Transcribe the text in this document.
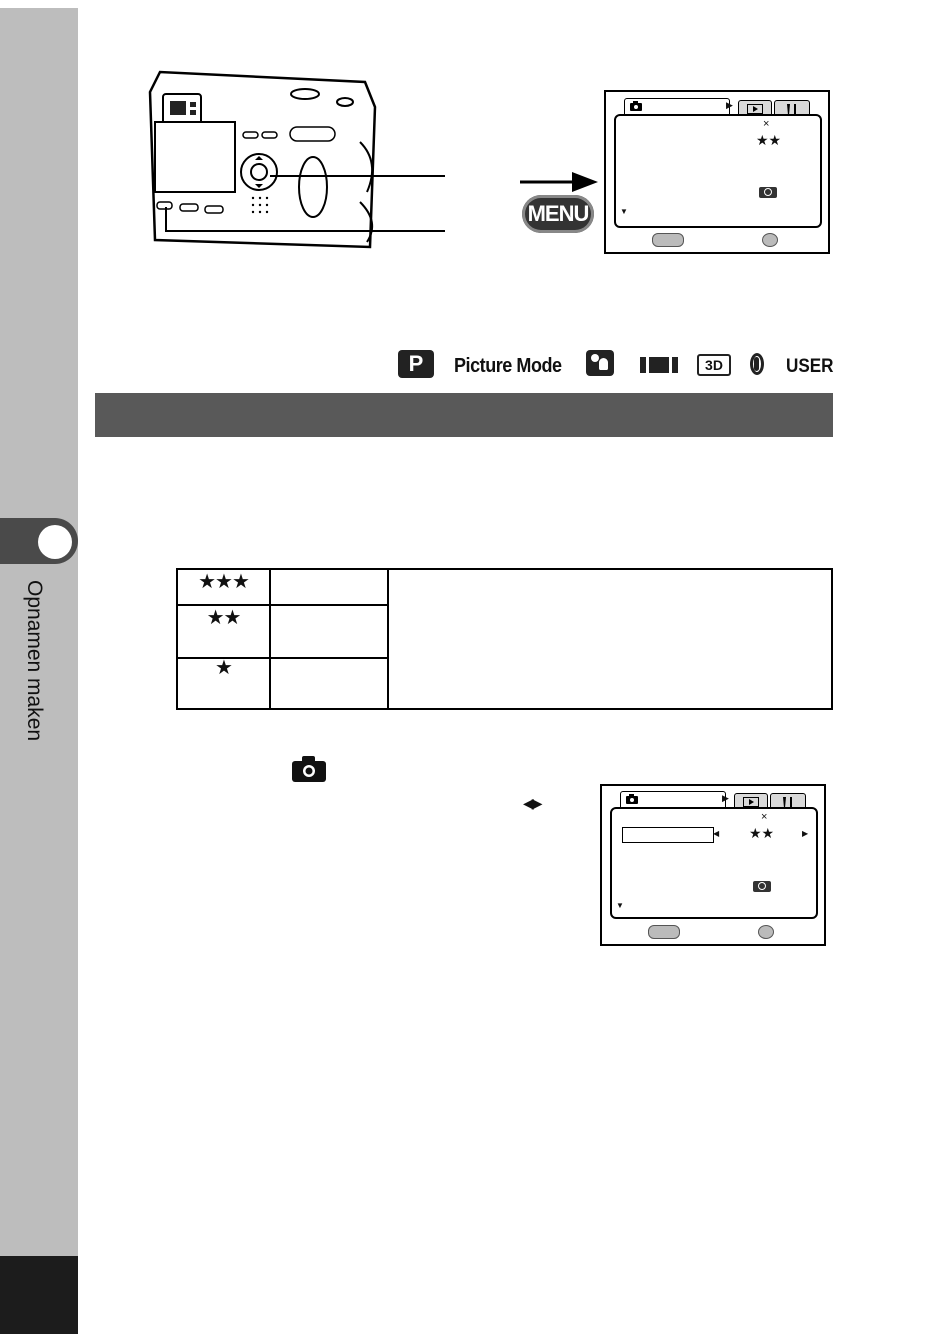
Opnamen maken
MENU
▶
×
★★
▼
P	Picture Mode	3D	USER
★★★
★★
★
◀▶	▶
×
◀ ★★	▶
▼
